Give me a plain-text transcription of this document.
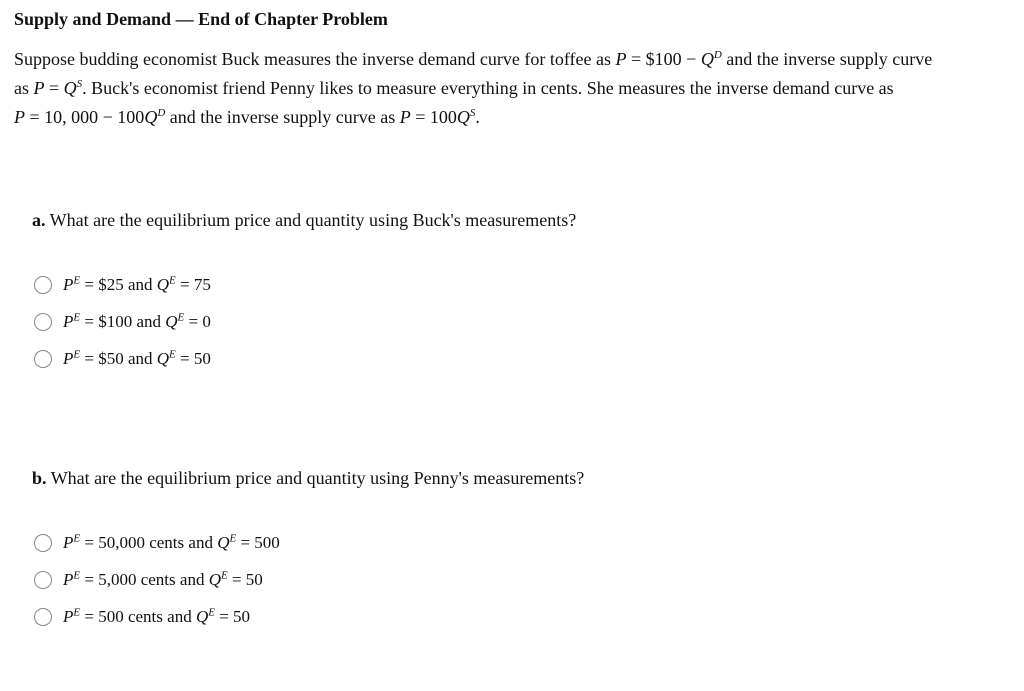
Supply and Demand — End of Chapter Problem
Suppose budding economist Buck measures the inverse demand curve for toffee as P = $100 − $Q^D$ and the inverse supply curve
as $P = Q^S$. Buck's economist friend Penny likes to measure everything in cents. She measures the inverse demand curve as
P = 10, $000 - 100Q^D$ and the inverse supply curve as $P = 100Q^S$.
a. What are the equilibrium price and quantity using Buck's measurements?
$P^E$ = $25 and $Q^E = 75$
$P^E$ = $100 and $Q^E = 0$
$P^E$ = $50 and $Q^E = 50$
b. What are the equilibrium price and quantity using Penny's measurements?
$P^E = 50,000$ cents and $Q^E = 500$
$P^E = 5,000$ cents and $Q^E = 50$
$P^E = 500$ cents and $Q^E = 50$
